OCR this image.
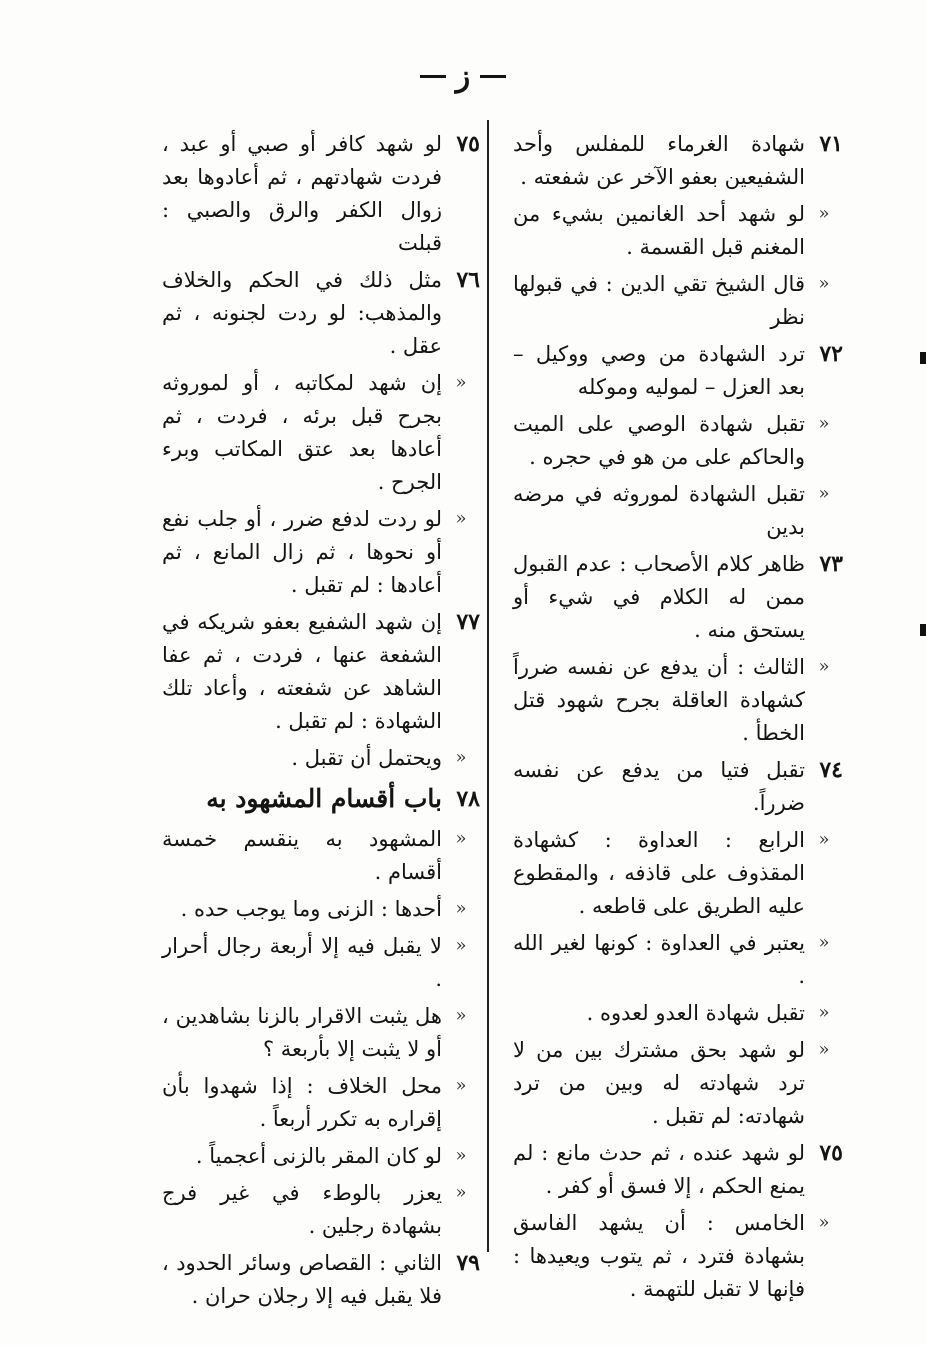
ز
٧١
شهادة الغرماء للمفلس وأحد الشفيعين بعفو الآخر عن شفعته .
«
لو شهد أحد الغانمين بشيء من المغنم قبل القسمة .
«
قال الشيخ تقي الدين : في قبولها نظر
٧٢
ترد الشهادة من وصي ووكيل – بعد العزل – لموليه وموكله
«
تقبل شهادة الوصي على الميت والحاكم على من هو في حجره .
«
تقبل الشهادة لموروثه في مرضه بدين
٧٣
ظاهر كلام الأصحاب : عدم القبول ممن له الكلام في شيء أو يستحق منه .
«
الثالث : أن يدفع عن نفسه ضرراً كشهادة العاقلة بجرح شهود قتل الخطأ .
٧٤
تقبل فتيا من يدفع عن نفسه ضرراً.
«
الرابع : العداوة : كشهادة المقذوف على قاذفه ، والمقطوع عليه الطريق على قاطعه .
«
يعتبر في العداوة : كونها لغير الله .
«
تقبل شهادة العدو لعدوه .
«
لو شهد بحق مشترك بين من لا ترد شهادته له وبين من ترد شهادته: لم تقبل .
٧٥
لو شهد عنده ، ثم حدث مانع : لم يمنع الحكم ، إلا فسق أو كفر .
«
الخامس : أن يشهد الفاسق بشهادة فترد ، ثم يتوب ويعيدها : فإنها لا تقبل للتهمة .
٧٥
لو شهد كافر أو صبي أو عبد ، فردت شهادتهم ، ثم أعادوها بعد زوال الكفر والرق والصبي : قبلت
٧٦
مثل ذلك في الحكم والخلاف والمذهب: لو ردت لجنونه ، ثم عقل .
«
إن شهد لمكاتبه ، أو لموروثه بجرح قبل برئه ، فردت ، ثم أعادها بعد عتق المكاتب وبرء الجرح .
«
لو ردت لدفع ضرر ، أو جلب نفع أو نحوها ، ثم زال المانع ، ثم أعادها : لم تقبل .
٧٧
إن شهد الشفيع بعفو شريكه في الشفعة عنها ، فردت ، ثم عفا الشاهد عن شفعته ، وأعاد تلك الشهادة : لم تقبل .
«
ويحتمل أن تقبل .
٧٨
باب أقسام المشهود به
«
المشهود به ينقسم خمسة أقسام .
«
أحدها : الزنى وما يوجب حده .
«
لا يقبل فيه إلا أربعة رجال أحرار .
«
هل يثبت الاقرار بالزنا بشاهدين ، أو لا يثبت إلا بأربعة ؟
«
محل الخلاف : إذا شهدوا بأن إقراره به تكرر أربعاً .
«
لو كان المقر بالزنى أعجمياً .
«
يعزر بالوطء في غير فرج بشهادة رجلين .
٧٩
الثاني : القصاص وسائر الحدود ، فلا يقبل فيه إلا رجلان حران .
